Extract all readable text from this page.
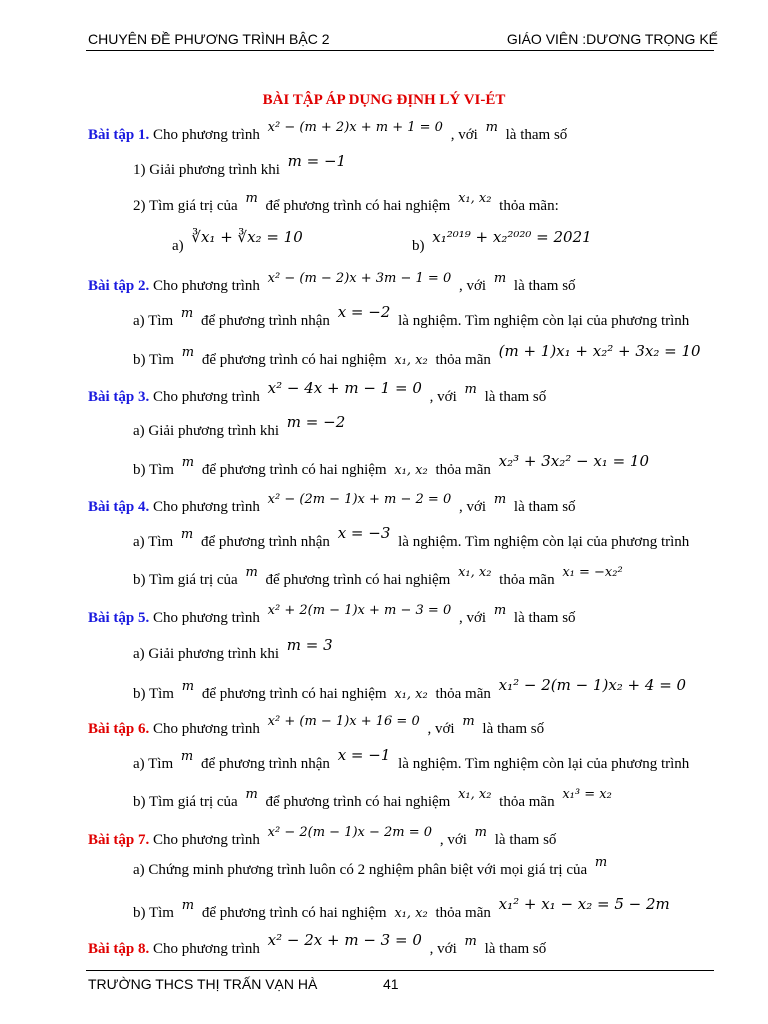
CHUYÊN ĐỀ PHƯƠNG TRÌNH BẬC 2	GIÁO VIÊN :DƯƠNG TRỌNG KẾ
BÀI TẬP ÁP DỤNG ĐỊNH LÝ VI-ÉT
Bài tập 1. Cho phương trình x² − (m + 2)x + m + 1 = 0 , với m là tham số
1) Giải phương trình khi m = −1
2) Tìm giá trị của m để phương trình có hai nghiệm x₁, x₂ thỏa mãn:
a) ∛x₁ + ∛x₂ = 10	b) x₁²⁰¹⁹ + x₂²⁰²⁰ = 2021
Bài tập 2. Cho phương trình x² − (m − 2)x + 3m − 1 = 0 , với m là tham số
a) Tìm m để phương trình nhận x = −2 là nghiệm. Tìm nghiệm còn lại của phương trình
b) Tìm m để phương trình có hai nghiệm x₁, x₂ thỏa mãn (m + 1)x₁ + x₂² + 3x₂ = 10
Bài tập 3. Cho phương trình x² − 4x + m − 1 = 0 , với m là tham số
a) Giải phương trình khi m = −2
b) Tìm m để phương trình có hai nghiệm x₁, x₂ thỏa mãn x₂³ + 3x₂² − x₁ = 10
Bài tập 4. Cho phương trình x² − (2m − 1)x + m − 2 = 0 , với m là tham số
a) Tìm m để phương trình nhận x = −3 là nghiệm. Tìm nghiệm còn lại của phương trình
b) Tìm giá trị của m để phương trình có hai nghiệm x₁, x₂ thỏa mãn x₁ = −x₂²
Bài tập 5. Cho phương trình x² + 2(m − 1)x + m − 3 = 0 , với m là tham số
a) Giải phương trình khi m = 3
b) Tìm m để phương trình có hai nghiệm x₁, x₂ thỏa mãn x₁² − 2(m − 1)x₂ + 4 = 0
Bài tập 6. Cho phương trình x² + (m − 1)x + 16 = 0 , với m là tham số
a) Tìm m để phương trình nhận x = −1 là nghiệm. Tìm nghiệm còn lại của phương trình
b) Tìm giá trị của m để phương trình có hai nghiệm x₁, x₂ thỏa mãn x₁³ = x₂
Bài tập 7. Cho phương trình x² − 2(m − 1)x − 2m = 0 , với m là tham số
a) Chứng minh phương trình luôn có 2 nghiệm phân biệt với mọi giá trị của m
b) Tìm m để phương trình có hai nghiệm x₁, x₂ thỏa mãn x₁² + x₁ − x₂ = 5 − 2m
Bài tập 8. Cho phương trình x² − 2x + m − 3 = 0 , với m là tham số
TRƯỜNG THCS THỊ TRẤN VẠN HÀ	41
